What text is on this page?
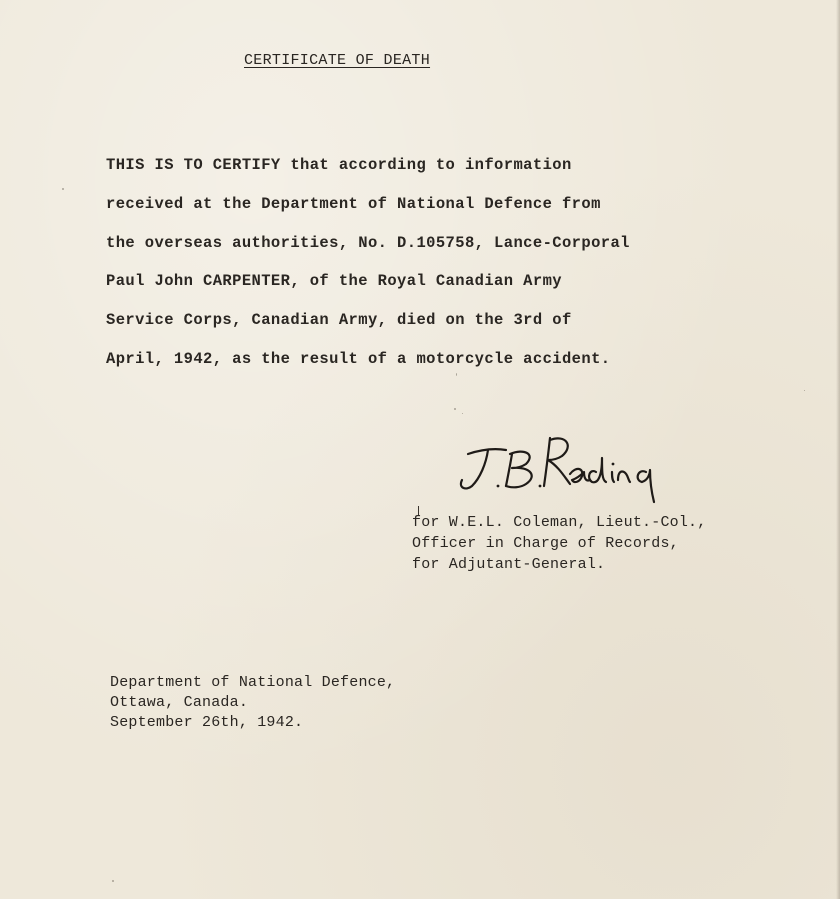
CERTIFICATE OF DEATH
THIS IS TO CERTIFY that according to information
received at the Department of National Defence from
the overseas authorities, No. D.105758, Lance-Corporal
Paul John CARPENTER, of the Royal Canadian Army
Service Corps, Canadian Army, died on the 3rd of
April, 1942, as the result of a motorcycle accident.
for W.E.L. Coleman, Lieut.-Col.,
Officer in Charge of Records,
for Adjutant-General.
Department of National Defence,
Ottawa, Canada.
September 26th, 1942.
